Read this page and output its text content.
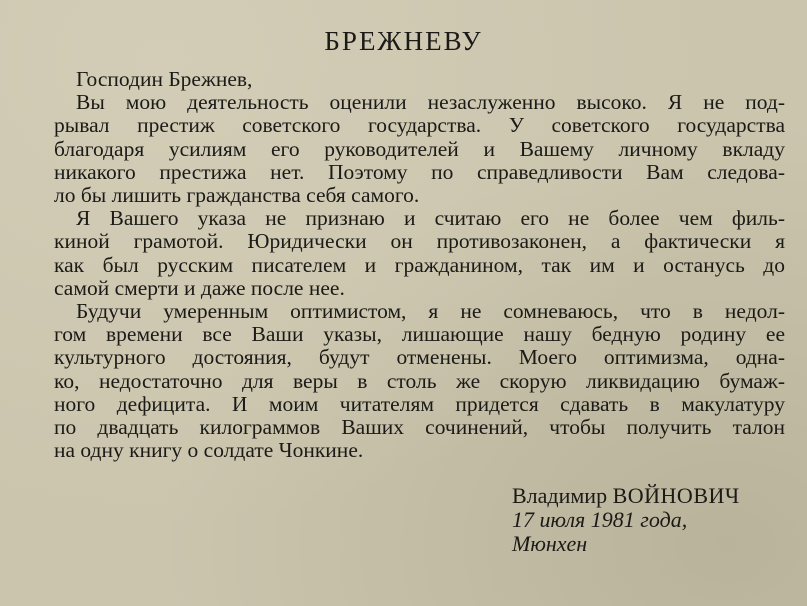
БРЕЖНЕВУ
Господин Брежнев,
Вы мою деятельность оценили незаслуженно высоко. Я не под-
рывал престиж советского государства. У советского государства
благодаря усилиям его руководителей и Вашему личному вкладу
никакого престижа нет. Поэтому по справедливости Вам следова-
ло бы лишить гражданства себя самого.
Я Вашего указа не признаю и считаю его не более чем филь-
киной грамотой. Юридически он противозаконен, а фактически я
как был русским писателем и гражданином, так им и останусь до
самой смерти и даже после нее.
Будучи умеренным оптимистом, я не сомневаюсь, что в недол-
гом времени все Ваши указы, лишающие нашу бедную родину ее
культурного достояния, будут отменены. Моего оптимизма, одна-
ко, недостаточно для веры в столь же скорую ликвидацию бумаж-
ного дефицита. И моим читателям придется сдавать в макулатуру
по двадцать килограммов Ваших сочинений, чтобы получить талон
на одну книгу о солдате Чонкине.
Владимир ВОЙНОВИЧ
17 июля 1981 года,
Мюнхен
